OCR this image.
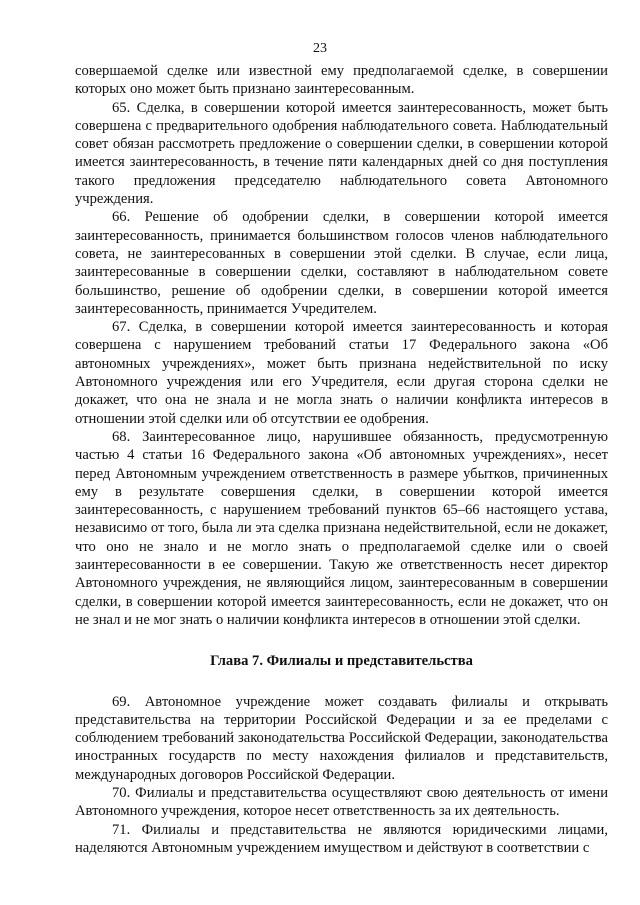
23

совершаемой сделке или известной ему предполагаемой сделке, в совершении которых оно может быть признано заинтересованным.

65. Сделка, в совершении которой имеется заинтересованность, может быть совершена с предварительного одобрения наблюдательного совета. Наблюдательный совет обязан рассмотреть предложение о совершении сделки, в совершении которой имеется заинтересованность, в течение пяти календарных дней со дня поступления такого предложения председателю наблюдательного совета Автономного учреждения.

66. Решение об одобрении сделки, в совершении которой имеется заинтересованность, принимается большинством голосов членов наблюдательного совета, не заинтересованных в совершении этой сделки. В случае, если лица, заинтересованные в совершении сделки, составляют в наблюдательном совете большинство, решение об одобрении сделки, в совершении которой имеется заинтересованность, принимается Учредителем.

67. Сделка, в совершении которой имеется заинтересованность и которая совершена с нарушением требований статьи 17 Федерального закона «Об автономных учреждениях», может быть признана недействительной по иску Автономного учреждения или его Учредителя, если другая сторона сделки не докажет, что она не знала и не могла знать о наличии конфликта интересов в отношении этой сделки или об отсутствии ее одобрения.

68. Заинтересованное лицо, нарушившее обязанность, предусмотренную частью 4 статьи 16 Федерального закона «Об автономных учреждениях», несет перед Автономным учреждением ответственность в размере убытков, причиненных ему в результате совершения сделки, в совершении которой имеется заинтересованность, с нарушением требований пунктов 65–66 настоящего устава, независимо от того, была ли эта сделка признана недействительной, если не докажет, что оно не знало и не могло знать о предполагаемой сделке или о своей заинтересованности в ее совершении. Такую же ответственность несет директор Автономного учреждения, не являющийся лицом, заинтересованным в совершении сделки, в совершении которой имеется заинтересованность, если не докажет, что он не знал и не мог знать о наличии конфликта интересов в отношении этой сделки.

Глава 7. Филиалы и представительства

69. Автономное учреждение может создавать филиалы и открывать представительства на территории Российской Федерации и за ее пределами с соблюдением требований законодательства Российской Федерации, законодательства иностранных государств по месту нахождения филиалов и представительств, международных договоров Российской Федерации.

70. Филиалы и представительства осуществляют свою деятельность от имени Автономного учреждения, которое несет ответственность за их деятельность.

71. Филиалы и представительства не являются юридическими лицами, наделяются Автономным учреждением имуществом и действуют в соответствии с
